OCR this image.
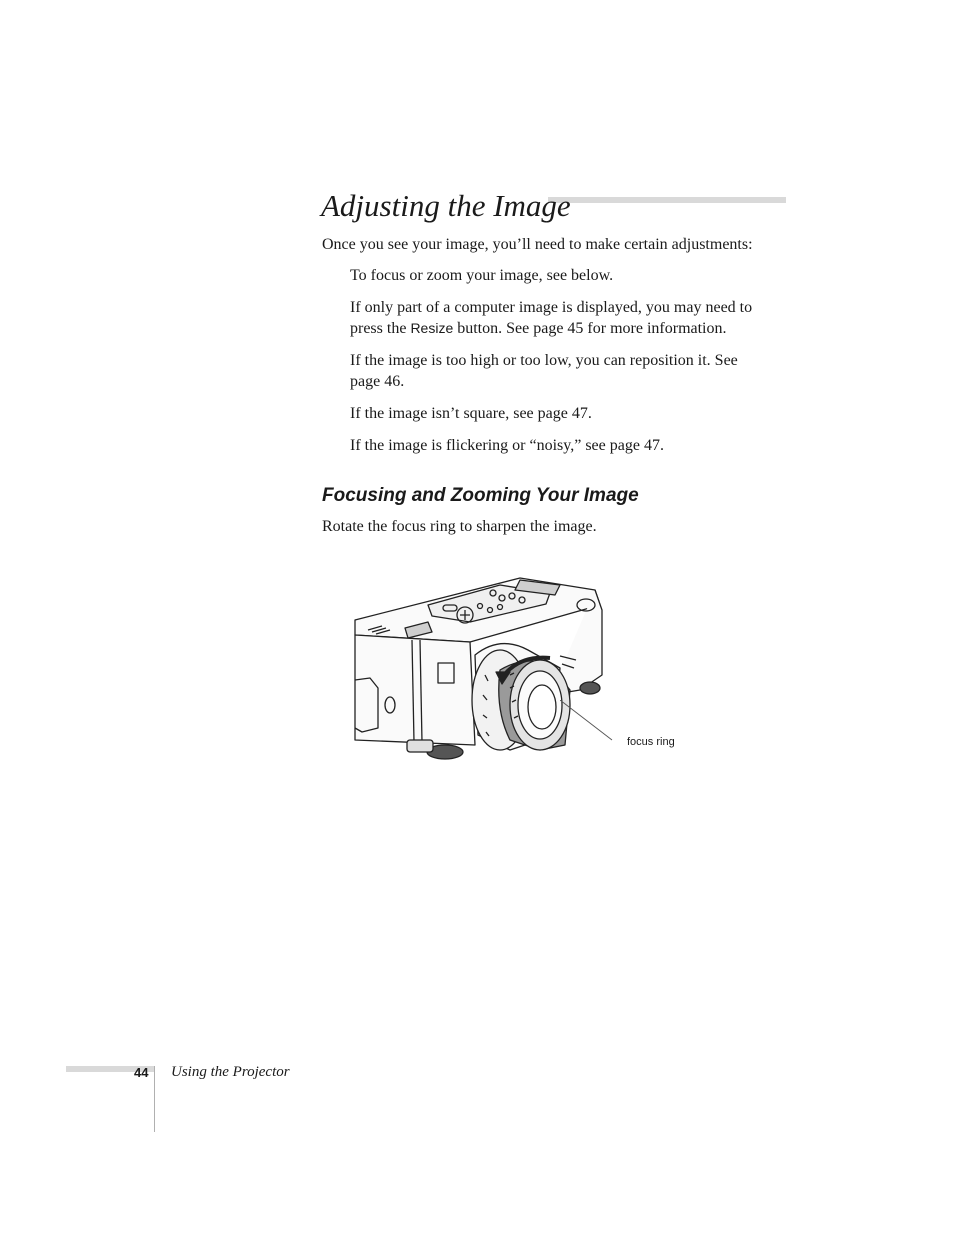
Adjusting the Image

Once you see your image, you’ll need to make certain adjustments:

To focus or zoom your image, see below.
If only part of a computer image is displayed, you may need to press the Resize button. See page 45 for more information.
If the image is too high or too low, you can reposition it. See page 46.
If the image isn’t square, see page 47.
If the image is flickering or “noisy,” see page 47.
Focusing and Zooming Your Image

Rotate the focus ring to sharpen the image.

focus ring

44 Using the Projector
